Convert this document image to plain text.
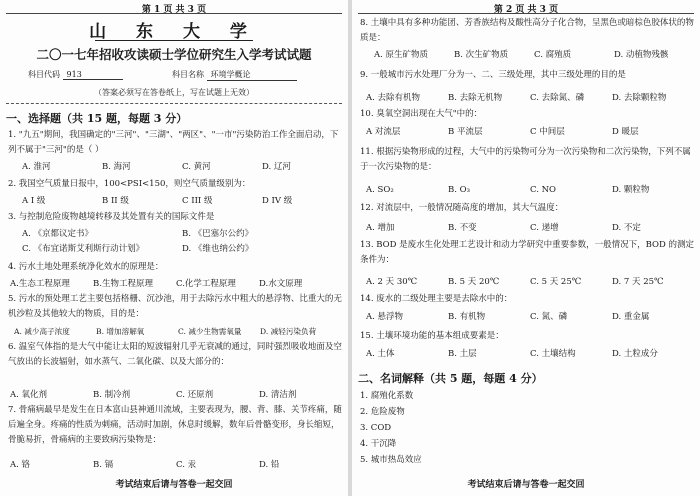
第 1 页 共 3 页
山 东 大 学
二〇一七年招收攻读硕士学位研究生入学考试试题
科目代码 913	科目名称 环境学概论
（答案必须写在答卷纸上，写在试题上无效）
一、选择题（共 15 题，每题 3 分）
1. "九五"期间，我国确定的"三河"、"三湖"、"两区"、"一市"污染防治工作全面启动，下列不属于"三河"的是（ ）
A. 淮河	B. 海河	C. 黄河	D. 辽河
2. 我国空气质量日报中，100<PSI<150，则空气质量级别为：
A I 级	B II 级	C III 级	D IV 级
3. 与控制危险废物越境转移及其处置有关的国际文件是
A. 《京都议定书》	B. 《巴塞尔公约》
C. 《布宜诺斯艾利斯行动计划》	D. 《维也纳公约》
4. 污水土地处理系统净化效水的原理是：
A.生态工程原理	B.生物工程原理	C.化学工程原理	D.水文原理
5. 污水的预处理工艺主要包括格栅、沉沙池，用于去除污水中粗大的悬浮物、比重大的无机沙粒及其他较大的物质，目的是：
A. 减少高子浓度	B. 增加溶解氧	C. 减少生物需氧量	D. 减轻污染负荷
6. 温室气体指的是大气中能让太阳的短波辐射几乎无衰减的通过，同时强烈吸收地面及空气放出的长波辐射，如水蒸气、二氧化碳、以及大部分的：
A. 氧化剂	B. 制冷剂	C. 还原剂	D. 清洁剂
7. 骨痛病最早是发生在日本富山县神通川流域，主要表现为，腰、背、膝、关节疼痛，随后遍全身。疼痛的性质为刺痛，活动时加剧，休息时缓解，数年后骨骼变形，身长缩短，骨脆易折，骨痛病的主要致病污染物是：
A. 铬	B. 镉	C. 汞	D. 铅
考试结束后请与答卷一起交回
第 2 页 共 3 页
8. 土壤中具有多种功能团、芳香族结构及酸性高分子化合物，呈黑色或暗棕色胶体状的物质是：
A. 原生矿物质	B. 次生矿物质	C. 腐殖质	D. 动植物残骸
9. 一般城市污水处理厂分为一、二、三级处理，其中三级处理的目的是
A. 去除有机物	B. 去除无机物	C. 去除氮、磷	D. 去除颗粒物
10. 臭氧空洞出现在大气"中的：
A 对流层	B 平流层	C 中间层	D 暖层
11. 根据污染物形成的过程，大气中的污染物可分为一次污染物和二次污染物，下列不属于一次污染物的是：
A. SO₂	B. O₃	C. NO	D. 颗粒物
12. 对流层中，一般情况随高度的增加，其大气温度：
A. 增加	B. 不变	C. 递增	D. 不定
13. BOD 是废水生化处理工艺设计和动力学研究中重要参数，一般情况下，BOD 的测定条件为：
A. 2 天 30℃	B. 5 天 20℃	C. 5 天 25℃	D. 7 天 25℃
14. 废水的二级处理主要是去除水中的：
A. 悬浮物	B. 有机物	C. 氮、磷	D. 重金属
15. 土壤环境功能的基本组成要素是：
A. 土体	B. 土层	C. 土壤结构	D. 土粒成分
二、名词解释（共 5 题，每题 4 分）
1. 腐殖化系数
2. 危险废物
3. COD
4. 干沉降
5. 城市热岛效应
考试结束后请与答卷一起交回
